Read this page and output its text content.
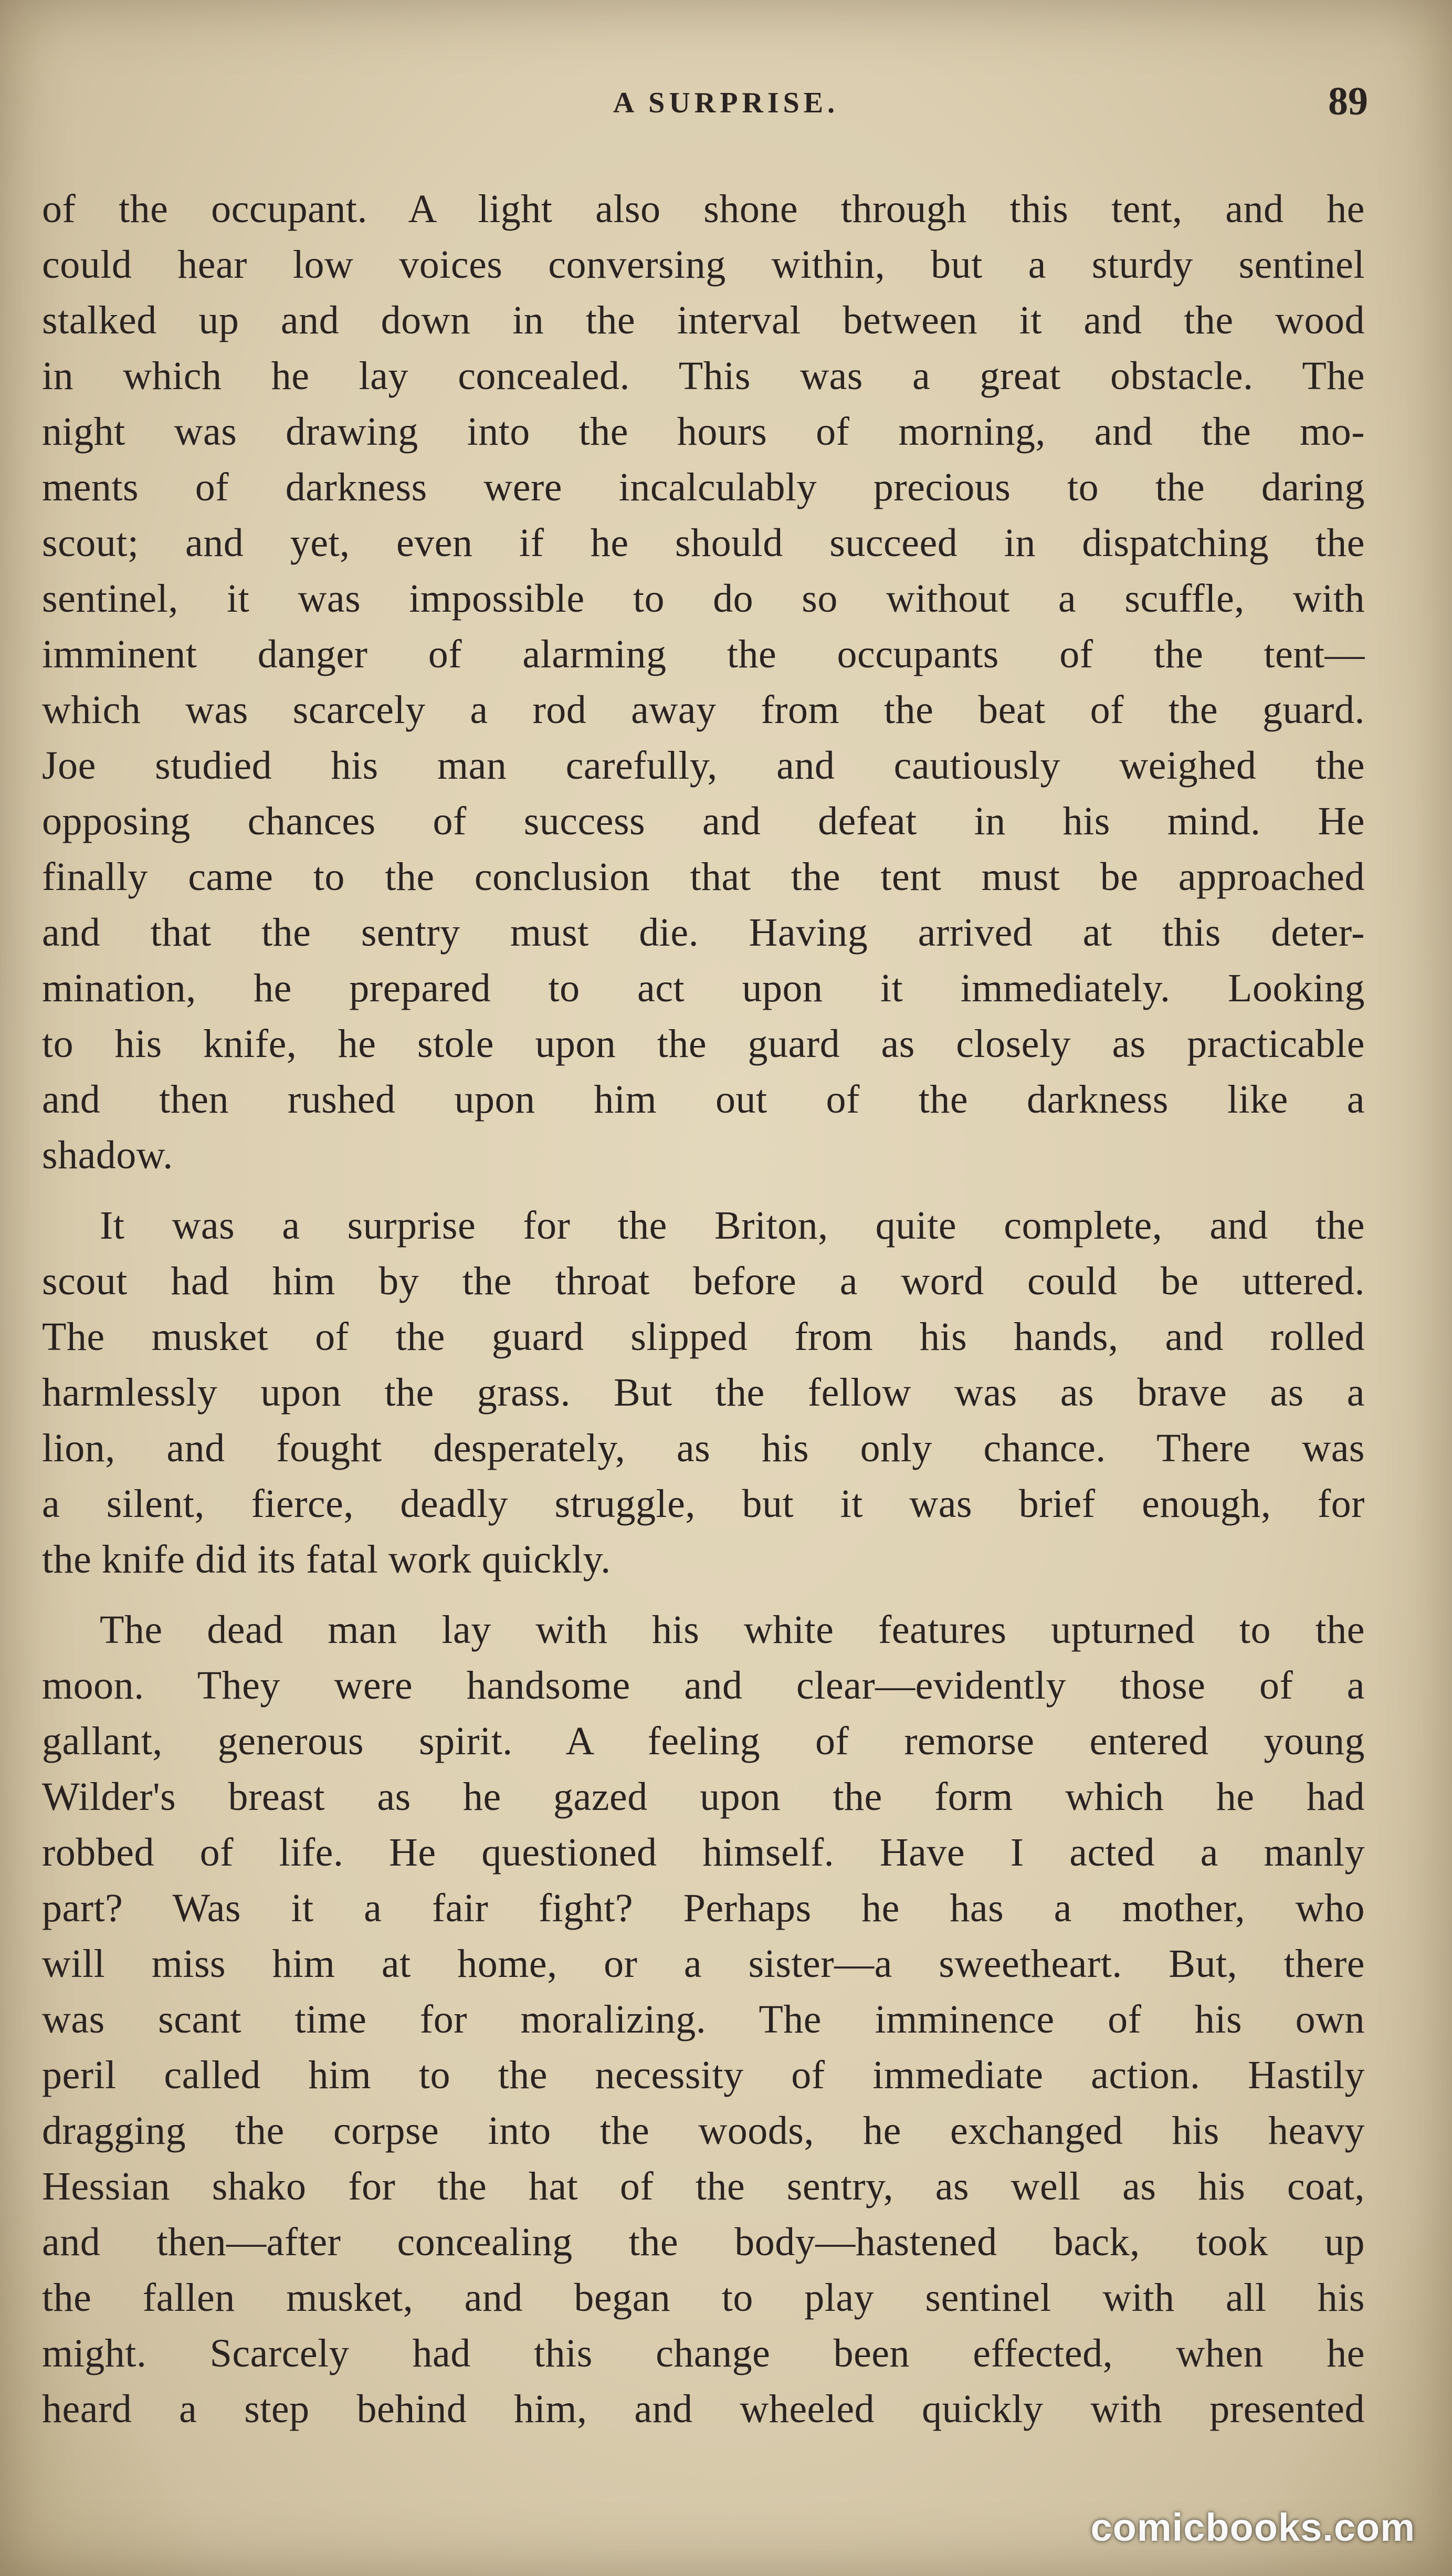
A SURPRISE.	89
of the occupant. A light also shone through this tent, and he
could hear low voices conversing within, but a sturdy sentinel
stalked up and down in the interval between it and the wood
in which he lay concealed. This was a great obstacle. The
night was drawing into the hours of morning, and the mo-
ments of darkness were incalculably precious to the daring
scout; and yet, even if he should succeed in dispatching the
sentinel, it was impossible to do so without a scuffle, with
imminent danger of alarming the occupants of the tent—
which was scarcely a rod away from the beat of the guard.
Joe studied his man carefully, and cautiously weighed the
opposing chances of success and defeat in his mind. He
finally came to the conclusion that the tent must be approached
and that the sentry must die. Having arrived at this deter-
mination, he prepared to act upon it immediately. Looking
to his knife, he stole upon the guard as closely as practicable
and then rushed upon him out of the darkness like a
shadow.
It was a surprise for the Briton, quite complete, and the
scout had him by the throat before a word could be uttered.
The musket of the guard slipped from his hands, and rolled
harmlessly upon the grass. But the fellow was as brave as a
lion, and fought desperately, as his only chance. There was
a silent, fierce, deadly struggle, but it was brief enough, for
the knife did its fatal work quickly.
The dead man lay with his white features upturned to the
moon. They were handsome and clear—evidently those of a
gallant, generous spirit. A feeling of remorse entered young
Wilder's breast as he gazed upon the form which he had
robbed of life. He questioned himself. Have I acted a manly
part? Was it a fair fight? Perhaps he has a mother, who
will miss him at home, or a sister—a sweetheart. But, there
was scant time for moralizing. The imminence of his own
peril called him to the necessity of immediate action. Hastily
dragging the corpse into the woods, he exchanged his heavy
Hessian shako for the hat of the sentry, as well as his coat,
and then—after concealing the body—hastened back, took up
the fallen musket, and began to play sentinel with all his
might. Scarcely had this change been effected, when he
heard a step behind him, and wheeled quickly with presented
comicbooks.com
